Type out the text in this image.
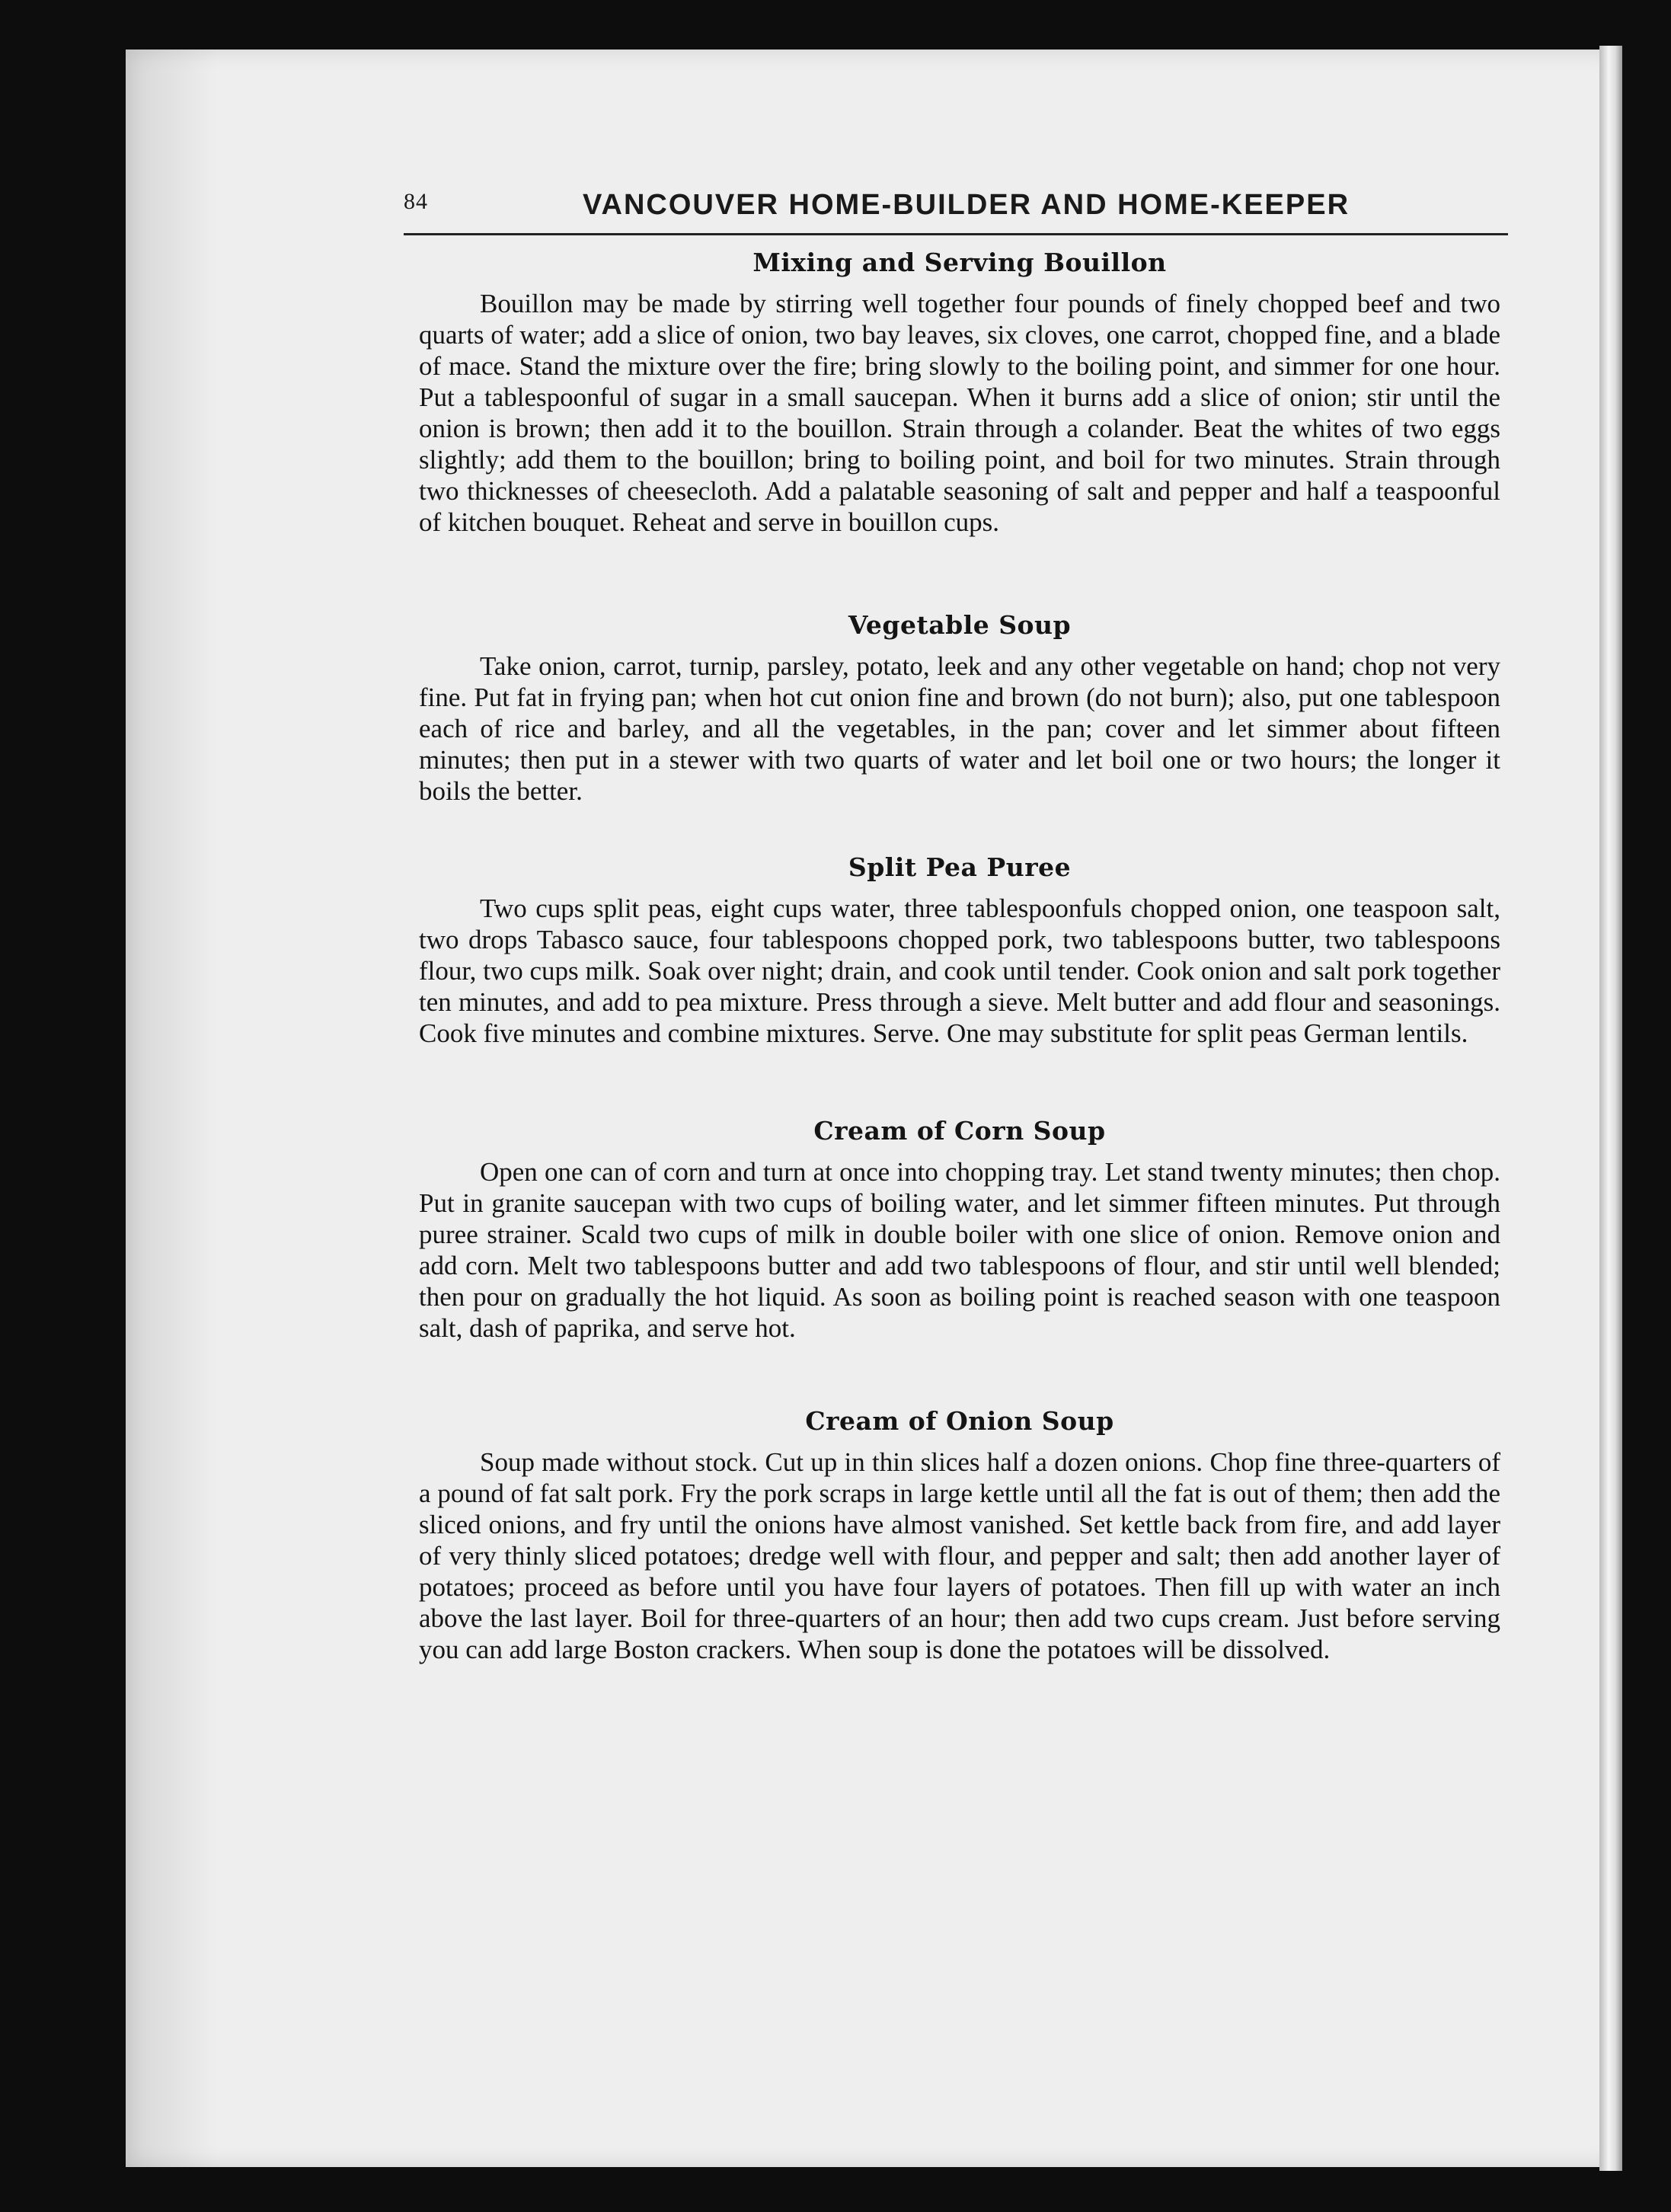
84	VANCOUVER HOME-BUILDER AND HOME-KEEPER
Mixing and Serving Bouillon

Bouillon may be made by stirring well together four pounds of finely chopped beef and two quarts of water; add a slice of onion, two bay leaves, six cloves, one carrot, chopped fine, and a blade of mace. Stand the mixture over the fire; bring slowly to the boiling point, and simmer for one hour. Put a tablespoonful of sugar in a small saucepan. When it burns add a slice of onion; stir until the onion is brown; then add it to the bouillon. Strain through a colander. Beat the whites of two eggs slightly; add them to the bouillon; bring to boiling point, and boil for two minutes. Strain through two thicknesses of cheesecloth. Add a palatable seasoning of salt and pepper and half a teaspoonful of kitchen bouquet. Reheat and serve in bouillon cups.

Vegetable Soup

Take onion, carrot, turnip, parsley, potato, leek and any other vegetable on hand; chop not very fine. Put fat in frying pan; when hot cut onion fine and brown (do not burn); also, put one tablespoon each of rice and barley, and all the vegetables, in the pan; cover and let simmer about fifteen minutes; then put in a stewer with two quarts of water and let boil one or two hours; the longer it boils the better.

Split Pea Puree

Two cups split peas, eight cups water, three tablespoonfuls chopped onion, one teaspoon salt, two drops Tabasco sauce, four tablespoons chopped pork, two tablespoons butter, two tablespoons flour, two cups milk. Soak over night; drain, and cook until tender. Cook onion and salt pork together ten minutes, and add to pea mixture. Press through a sieve. Melt butter and add flour and seasonings. Cook five minutes and combine mixtures. Serve. One may substitute for split peas German lentils.

Cream of Corn Soup

Open one can of corn and turn at once into chopping tray. Let stand twenty minutes; then chop. Put in granite saucepan with two cups of boiling water, and let simmer fifteen minutes. Put through puree strainer. Scald two cups of milk in double boiler with one slice of onion. Remove onion and add corn. Melt two tablespoons butter and add two tablespoons of flour, and stir until well blended; then pour on gradually the hot liquid. As soon as boiling point is reached season with one teaspoon salt, dash of paprika, and serve hot.

Cream of Onion Soup

Soup made without stock. Cut up in thin slices half a dozen onions. Chop fine three-quarters of a pound of fat salt pork. Fry the pork scraps in large kettle until all the fat is out of them; then add the sliced onions, and fry until the onions have almost vanished. Set kettle back from fire, and add layer of very thinly sliced potatoes; dredge well with flour, and pepper and salt; then add another layer of potatoes; proceed as before until you have four layers of potatoes. Then fill up with water an inch above the last layer. Boil for three-quarters of an hour; then add two cups cream. Just before serving you can add large Boston crackers. When soup is done the potatoes will be dissolved.
